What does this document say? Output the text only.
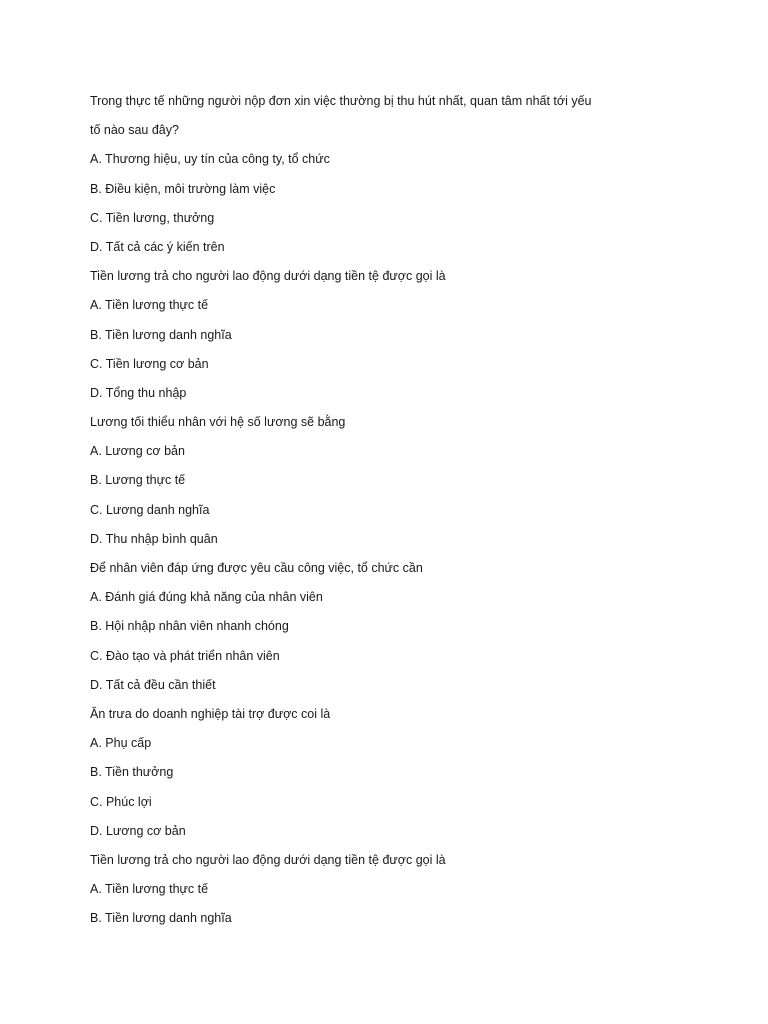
Trong thực tế những người nộp đơn xin việc thường bị thu hút nhất, quan tâm nhất tới yếu
tố nào sau đây?
A. Thương hiệu, uy tín của công ty, tổ chức
B. Điều kiện, môi trường làm việc
C. Tiền lương, thưởng
D. Tất cả các ý kiến trên
Tiền lương trả cho người lao động dưới dạng tiền tệ được gọi là
A. Tiền lương thực tế
B. Tiền lương danh nghĩa
C. Tiền lương cơ bản
D. Tổng thu nhập
Lương tối thiểu nhân với hệ số lương sẽ bằng
A. Lương cơ bản
B. Lương thực tế
C. Lương danh nghĩa
D. Thu nhập bình quân
Để nhân viên đáp ứng được yêu cầu công việc, tổ chức cần
A. Đánh giá đúng khả năng của nhân viên
B. Hội nhập nhân viên nhanh chóng
C. Đào tạo và phát triển nhân viên
D. Tất cả đều cần thiết
Ăn trưa do doanh nghiệp tài trợ được coi là
A. Phụ cấp
B. Tiền thưởng
C. Phúc lợi
D. Lương cơ bản
Tiền lương trả cho người lao động dưới dạng tiền tệ được gọi là
A. Tiền lương thực tế
B. Tiền lương danh nghĩa
